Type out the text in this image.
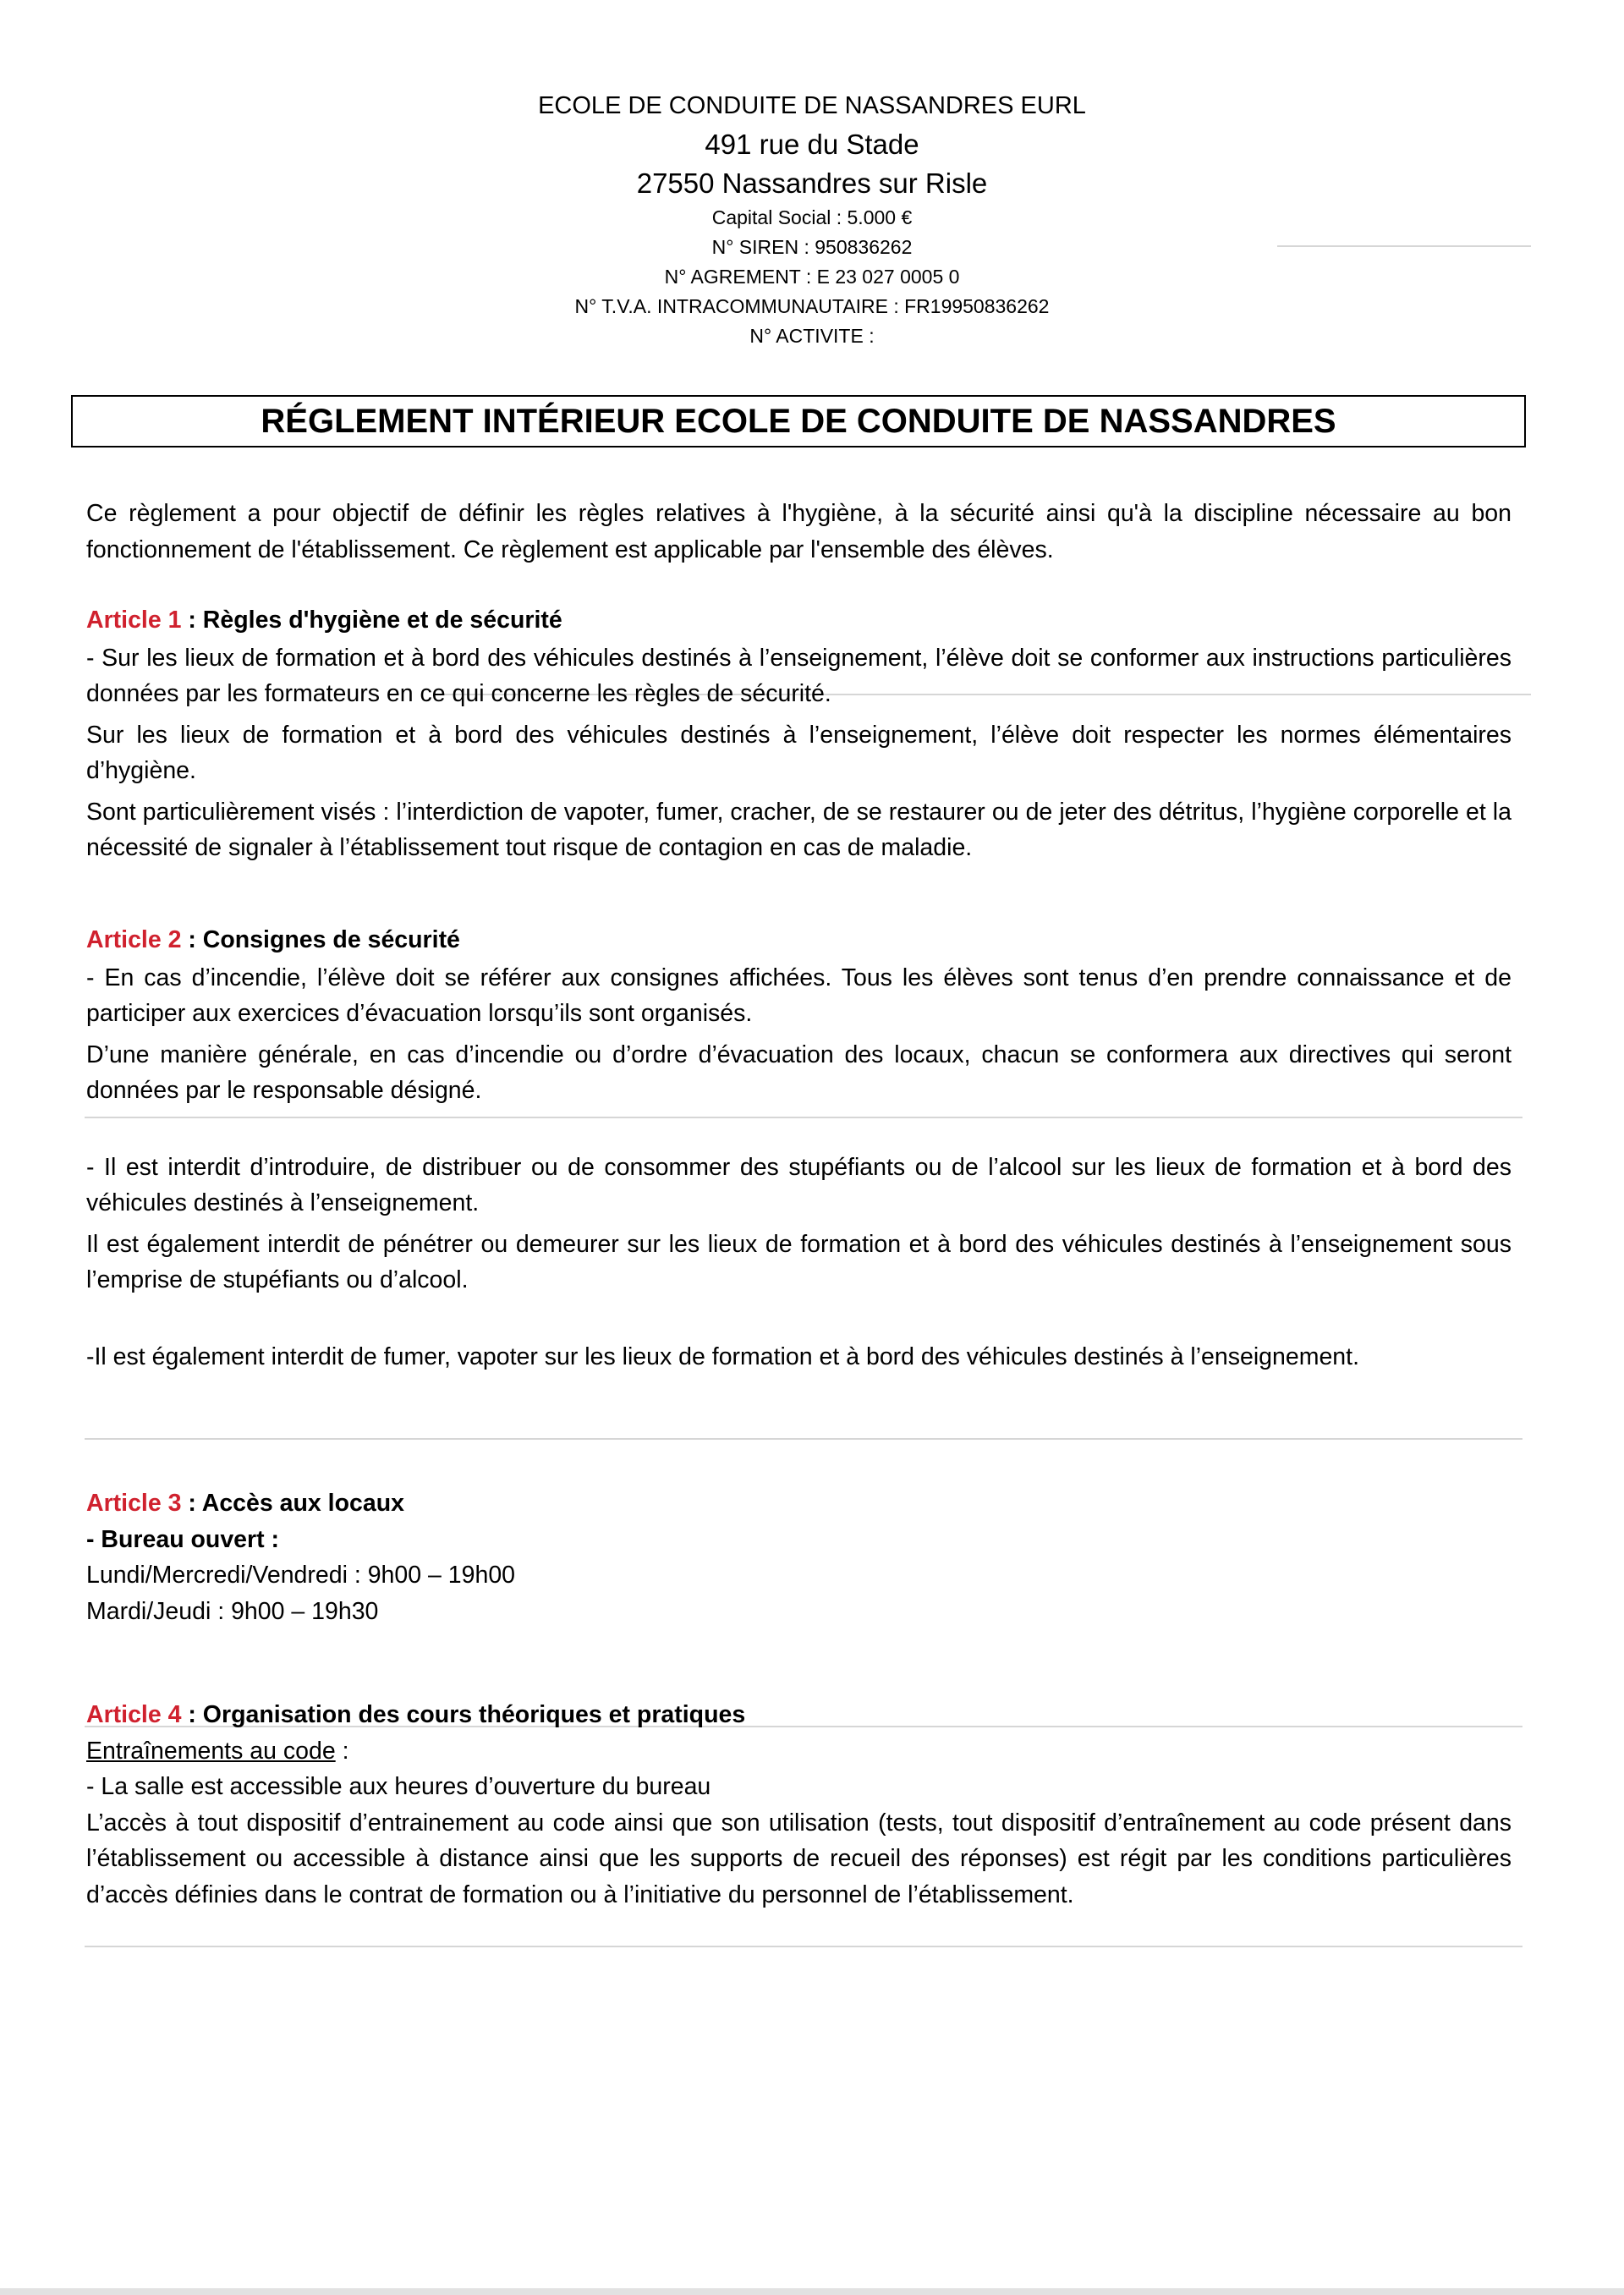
ECOLE DE CONDUITE DE NASSANDRES EURL
491 rue du Stade
27550 Nassandres sur Risle
Capital Social : 5.000 €
N° SIREN : 950836262
N° AGREMENT : E 23 027 0005 0
N° T.V.A. INTRACOMMUNAUTAIRE : FR19950836262
N° ACTIVITE :
RÉGLEMENT INTÉRIEUR ECOLE DE CONDUITE DE NASSANDRES

Ce règlement a pour objectif de définir les règles relatives à l'hygiène, à la sécurité ainsi qu'à la discipline nécessaire au bon fonctionnement de l'établissement. Ce règlement est applicable par l'ensemble des élèves.

Article 1 : Règles d'hygiène et de sécurité

- Sur les lieux de formation et à bord des véhicules destinés à l’enseignement, l’élève doit se conformer aux instructions particulières données par les formateurs en ce qui concerne les règles de sécurité.

Sur les lieux de formation et à bord des véhicules destinés à l’enseignement, l’élève doit respecter les normes élémentaires d’hygiène.

Sont particulièrement visés : l’interdiction de vapoter, fumer, cracher, de se restaurer ou de jeter des détritus, l’hygiène corporelle et la nécessité de signaler à l’établissement tout risque de contagion en cas de maladie.

Article 2 : Consignes de sécurité

- En cas d’incendie, l’élève doit se référer aux consignes affichées. Tous les élèves sont tenus d’en prendre connaissance et de participer aux exercices d’évacuation lorsqu’ils sont organisés.

D’une manière générale, en cas d’incendie ou d’ordre d’évacuation des locaux, chacun se conformera aux directives qui seront données par le responsable désigné.

- Il est interdit d’introduire, de distribuer ou de consommer des stupéfiants ou de l’alcool sur les lieux de formation et à bord des véhicules destinés à l’enseignement.

Il est également interdit de pénétrer ou demeurer sur les lieux de formation et à bord des véhicules destinés à l’enseignement sous l’emprise de stupéfiants ou d’alcool.

-Il est également interdit de fumer, vapoter sur les lieux de formation et à bord des véhicules destinés à l’enseignement.

Article 3 : Accès aux locaux

- Bureau ouvert :

Lundi/Mercredi/Vendredi : 9h00 – 19h00

Mardi/Jeudi : 9h00 – 19h30

Article 4 : Organisation des cours théoriques et pratiques

Entraînements au code :

- La salle est accessible aux heures d’ouverture du bureau

L’accès à tout dispositif d’entrainement au code ainsi que son utilisation (tests, tout dispositif d’entraînement au code présent dans l’établissement ou accessible à distance ainsi que les supports de recueil des réponses) est régit par les conditions particulières d’accès définies dans le contrat de formation ou à l’initiative du personnel de l’établissement.
